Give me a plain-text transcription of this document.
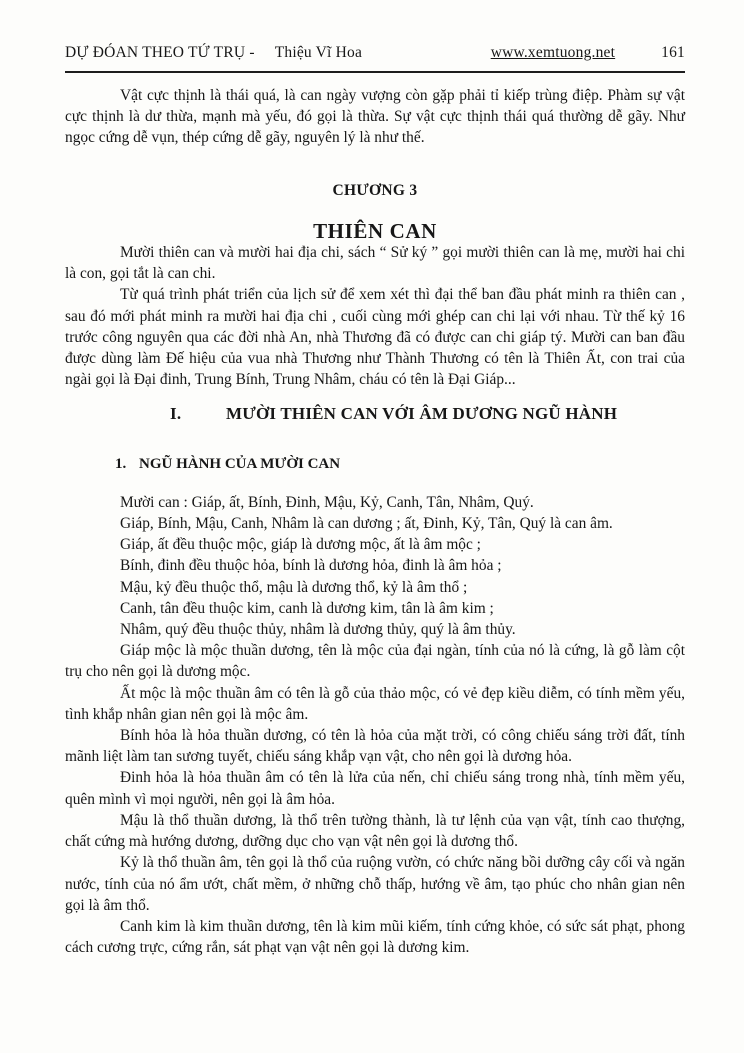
DỰ ĐÓAN THEO TỨ TRỤ - Thiệu Vĩ Hoa	www.xemtuong.net	161

Vật cực thịnh là thái quá, là can ngày vượng còn gặp phải tỉ kiếp trùng điệp. Phàm sự vật cực thịnh là dư thừa, mạnh mà yếu, đó gọi là thừa. Sự vật cực thịnh thái quá thường dễ gãy. Như ngọc cứng dễ vụn, thép cứng dễ gãy, nguyên lý là như thế.

CHƯƠNG 3
THIÊN CAN

Mười thiên can và mười hai địa chi, sách “ Sử ký ” gọi mười thiên can là mẹ, mười hai chi là con, gọi tắt là can chi.

Từ quá trình phát triển của lịch sử để xem xét thì đại thể ban đầu phát minh ra thiên can , sau đó mới phát minh ra mười hai địa chi , cuối cùng mới ghép can chi lại với nhau. Từ thế kỷ 16 trước công nguyên qua các đời nhà An, nhà Thương đã có được can chi giáp tý. Mười can ban đầu được dùng làm Đế hiệu của vua nhà Thương như Thành Thương có tên là Thiên Ất, con trai của ngài gọi là Đại đinh, Trung Bính, Trung Nhâm, cháu có tên là Đại Giáp...

I.	MƯỜI THIÊN CAN VỚI ÂM DƯƠNG NGŨ HÀNH
1. NGŨ HÀNH CỦA MƯỜI CAN
Mười can : Giáp, ất, Bính, Đinh, Mậu, Kỷ, Canh, Tân, Nhâm, Quý.
Giáp, Bính, Mậu, Canh, Nhâm là can dương ; ất, Đinh, Kỷ, Tân, Quý là can âm.
Giáp, ất đều thuộc mộc, giáp là dương mộc, ất là âm mộc ;
Bính, đinh đều thuộc hỏa, bính là dương hỏa, đinh là âm hỏa ;
Mậu, kỷ đều thuộc thổ, mậu là dương thổ, kỷ là âm thổ ;
Canh, tân đều thuộc kim, canh là dương kim, tân là âm kim ;
Nhâm, quý đều thuộc thủy, nhâm là dương thủy, quý là âm thủy.

Giáp mộc là mộc thuần dương, tên là mộc của đại ngàn, tính của nó là cứng, là gỗ làm cột trụ cho nên gọi là dương mộc.

Ất mộc là mộc thuần âm có tên là gỗ của thảo mộc, có vẻ đẹp kiều diễm, có tính mềm yếu, tình khắp nhân gian nên gọi là mộc âm.

Bính hỏa là hỏa thuần dương, có tên là hỏa của mặt trời, có công chiếu sáng trời đất, tính mãnh liệt làm tan sương tuyết, chiếu sáng khắp vạn vật, cho nên gọi là dương hỏa.

Đinh hỏa là hỏa thuần âm có tên là lửa của nến, chỉ chiếu sáng trong nhà, tính mềm yếu, quên mình vì mọi người, nên gọi là âm hỏa.

Mậu là thổ thuần dương, là thổ trên tường thành, là tư lệnh của vạn vật, tính cao thượng, chất cứng mà hướng dương, dưỡng dục cho vạn vật nên gọi là dương thổ.

Kỷ là thổ thuần âm, tên gọi là thổ của ruộng vườn, có chức năng bồi dưỡng cây cối và ngăn nước, tính của nó ẩm ướt, chất mềm, ở những chỗ thấp, hướng về âm, tạo phúc cho nhân gian nên gọi là âm thổ.

Canh kim là kim thuần dương, tên là kim mũi kiếm, tính cứng khỏe, có sức sát phạt, phong cách cương trực, cứng rắn, sát phạt vạn vật nên gọi là dương kim.
